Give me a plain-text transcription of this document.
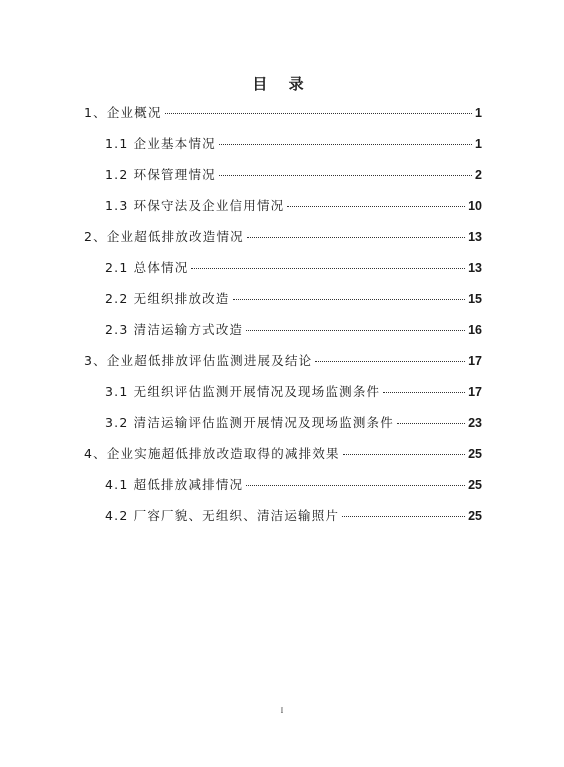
目 录
1、企业概况	1
1.1 企业基本情况	1
1.2 环保管理情况	2
1.3 环保守法及企业信用情况	10
2、企业超低排放改造情况	13
2.1 总体情况	13
2.2 无组织排放改造	15
2.3 清洁运输方式改造	16
3、企业超低排放评估监测进展及结论	17
3.1 无组织评估监测开展情况及现场监测条件	17
3.2 清洁运输评估监测开展情况及现场监测条件	23
4、企业实施超低排放改造取得的减排效果	25
4.1 超低排放减排情况	25
4.2 厂容厂貌、无组织、清洁运输照片	25
I
